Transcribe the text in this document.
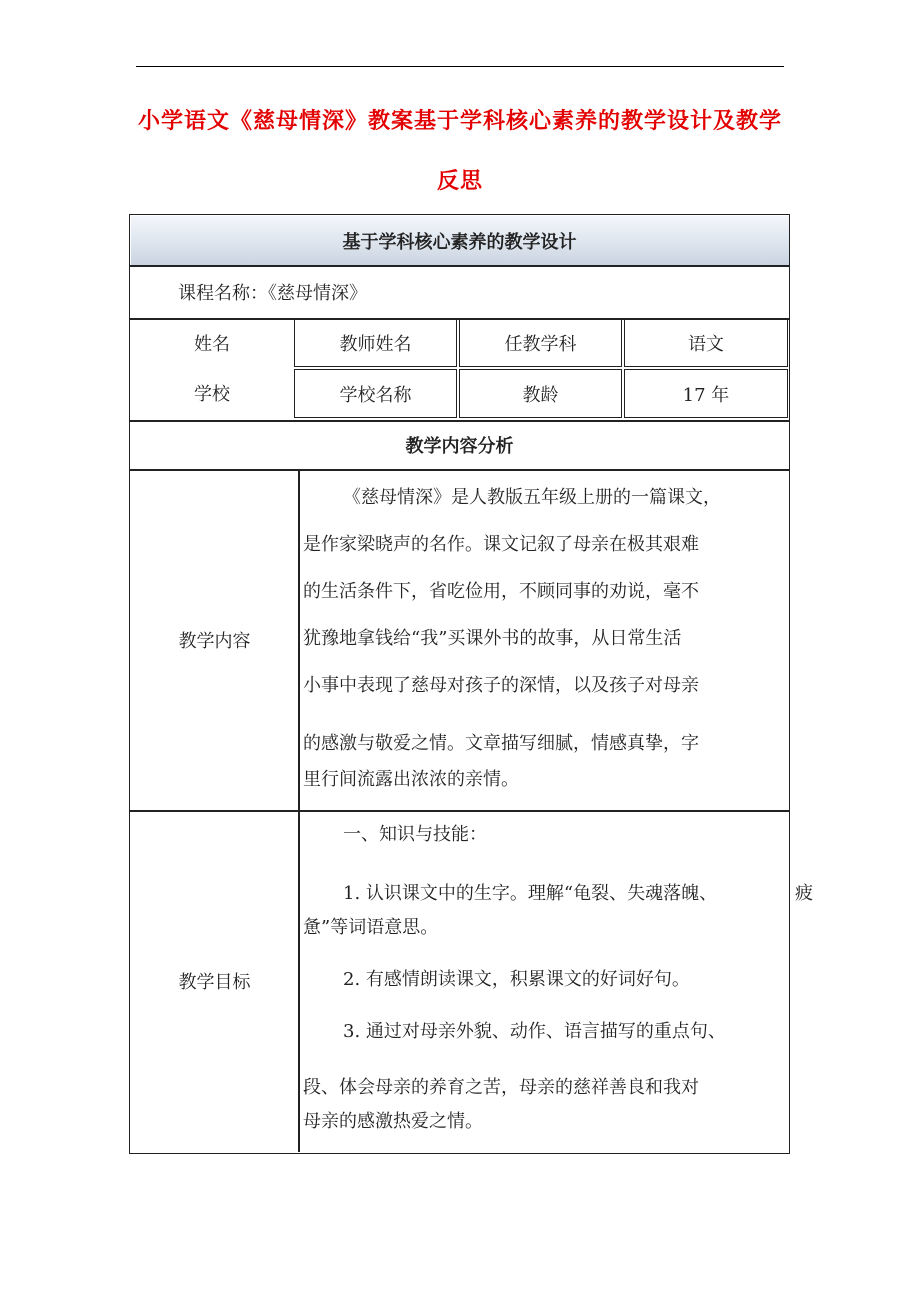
小学语文《慈母情深》教案基于学科核心素养的教学设计及教学
反思
基于学科核心素养的教学设计
课程名称：《慈母情深》
姓名	教师姓名	任教学科	语文
学校	学校名称	教龄	17 年
教学内容分析
教学内容
《慈母情深》是人教版五年级上册的一篇课文，
是作家梁晓声的名作。课文记叙了母亲在极其艰难
的生活条件下，省吃俭用，不顾同事的劝说，毫不
犹豫地拿钱给“我”买课外书的故事，从日常生活
小事中表现了慈母对孩子的深情，以及孩子对母亲
的感激与敬爱之情。文章描写细腻，情感真挚，字
里行间流露出浓浓的亲情。
教学目标
一、知识与技能：
1. 认识课文中的生字。理解“龟裂、失魂落魄、	疲
惫”等词语意思。
2. 有感情朗读课文，积累课文的好词好句。
3. 通过对母亲外貌、动作、语言描写的重点句、
段、体会母亲的养育之苦，母亲的慈祥善良和我对
母亲的感激热爱之情。
